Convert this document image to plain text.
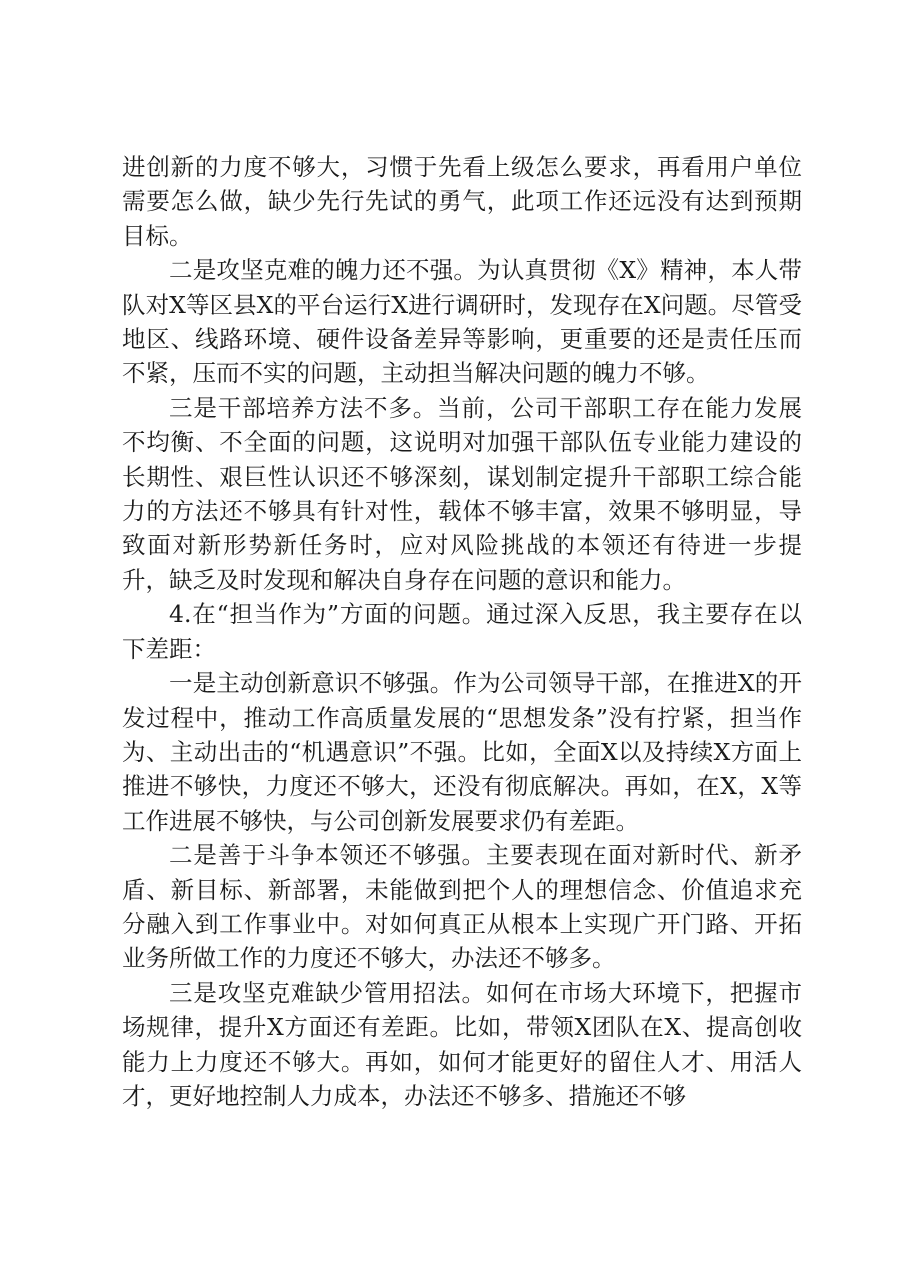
进创新的力度不够大，习惯于先看上级怎么要求，再看用户单位需要怎么做，缺少先行先试的勇气，此项工作还远没有达到预期目标。

二是攻坚克难的魄力还不强。为认真贯彻《X》精神，本人带队对X等区县X的平台运行X进行调研时，发现存在X问题。尽管受地区、线路环境、硬件设备差异等影响，更重要的还是责任压而不紧，压而不实的问题，主动担当解决问题的魄力不够。

三是干部培养方法不多。当前，公司干部职工存在能力发展不均衡、不全面的问题，这说明对加强干部队伍专业能力建设的长期性、艰巨性认识还不够深刻，谋划制定提升干部职工综合能力的方法还不够具有针对性，载体不够丰富，效果不够明显，导致面对新形势新任务时，应对风险挑战的本领还有待进一步提升，缺乏及时发现和解决自身存在问题的意识和能力。

4.在“担当作为”方面的问题。通过深入反思，我主要存在以下差距：

一是主动创新意识不够强。作为公司领导干部，在推进X的开发过程中，推动工作高质量发展的“思想发条”没有拧紧，担当作为、主动出击的“机遇意识”不强。比如，全面X以及持续X方面上推进不够快，力度还不够大，还没有彻底解决。再如，在X，X等工作进展不够快，与公司创新发展要求仍有差距。

二是善于斗争本领还不够强。主要表现在面对新时代、新矛盾、新目标、新部署，未能做到把个人的理想信念、价值追求充分融入到工作事业中。对如何真正从根本上实现广开门路、开拓业务所做工作的力度还不够大，办法还不够多。

三是攻坚克难缺少管用招法。如何在市场大环境下，把握市场规律，提升X方面还有差距。比如，带领X团队在X、提高创收能力上力度还不够大。再如，如何才能更好的留住人才、用活人才，更好地控制人力成本，办法还不够多、措施还不够
